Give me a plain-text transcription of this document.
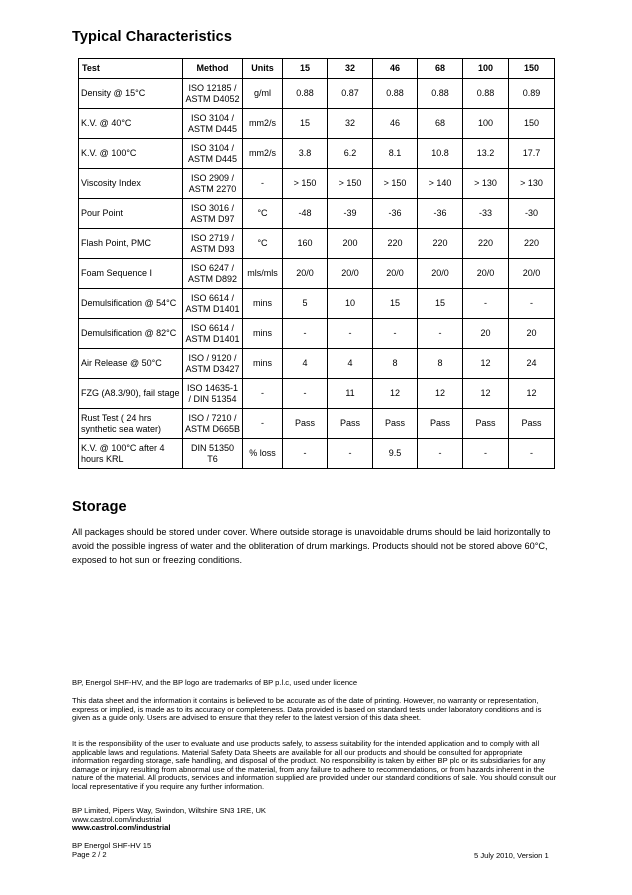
Typical Characteristics
Test	Method	Units	15	32	46	68	100	150
Density @ 15°C	ISO 12185 /
ASTM D4052	g/ml	0.88	0.87	0.88	0.88	0.88	0.89
K.V. @ 40°C	ISO 3104 /
ASTM D445	mm2/s	15	32	46	68	100	150
K.V. @ 100°C	ISO 3104 /
ASTM D445	mm2/s	3.8	6.2	8.1	10.8	13.2	17.7
Viscosity Index	ISO 2909 /
ASTM 2270	-	> 150	> 150	> 150	> 140	> 130	> 130
Pour Point	ISO 3016 /
ASTM D97	°C	-48	-39	-36	-36	-33	-30
Flash Point, PMC	ISO 2719 /
ASTM D93	°C	160	200	220	220	220	220
Foam Sequence I	ISO 6247 /
ASTM D892	mls/mls	20/0	20/0	20/0	20/0	20/0	20/0
Demulsification @ 54°C	ISO 6614 /
ASTM D1401	mins	5	10	15	15	-	-
Demulsification @ 82°C	ISO 6614 /
ASTM D1401	mins	-	-	-	-	20	20
Air Release @ 50°C	ISO / 9120 /
ASTM D3427	mins	4	4	8	8	12	24
FZG (A8.3/90), fail stage	ISO 14635-1
/ DIN 51354	-	-	11	12	12	12	12
Rust Test ( 24 hrs
synthetic sea water)	ISO / 7210 /
ASTM D665B	-	Pass	Pass	Pass	Pass	Pass	Pass
K.V. @ 100°C after 4
hours KRL	DIN 51350
T6	% loss	-	-	9.5	-	-	-
Storage

All packages should be stored under cover. Where outside storage is unavoidable drums should be laid horizontally to avoid the possible ingress of water and the obliteration of drum markings. Products should not be stored above 60°C, exposed to hot sun or freezing conditions.

BP, Energol SHF-HV, and the BP logo are trademarks of BP p.l.c, used under licence

This data sheet and the information it contains is believed to be accurate as of the date of printing. However, no warranty or representation, express or implied, is made as to its accuracy or completeness. Data provided is based on standard tests under laboratory conditions and is given as a guide only. Users are advised to ensure that they refer to the latest version of this data sheet.

It is the responsibility of the user to evaluate and use products safely, to assess suitability for the intended application and to comply with all applicable laws and regulations. Material Safety Data Sheets are available for all our products and should be consulted for appropriate information regarding storage, safe handling, and disposal of the product. No responsibility is taken by either BP plc or its subsidiaries for any damage or injury resulting from abnormal use of the material, from any failure to adhere to recommendations, or from hazards inherent in the nature of the material. All products, services and information supplied are provided under our standard conditions of sale. You should consult our local representative if you require any further information.

BP Limited, Pipers Way, Swindon, Wiltshire SN3 1RE, UK
www.castrol.com/industrial
www.castrol.com/industrial
BP Energol SHF-HV 15
Page 2 / 2	5 July 2010, Version 1
